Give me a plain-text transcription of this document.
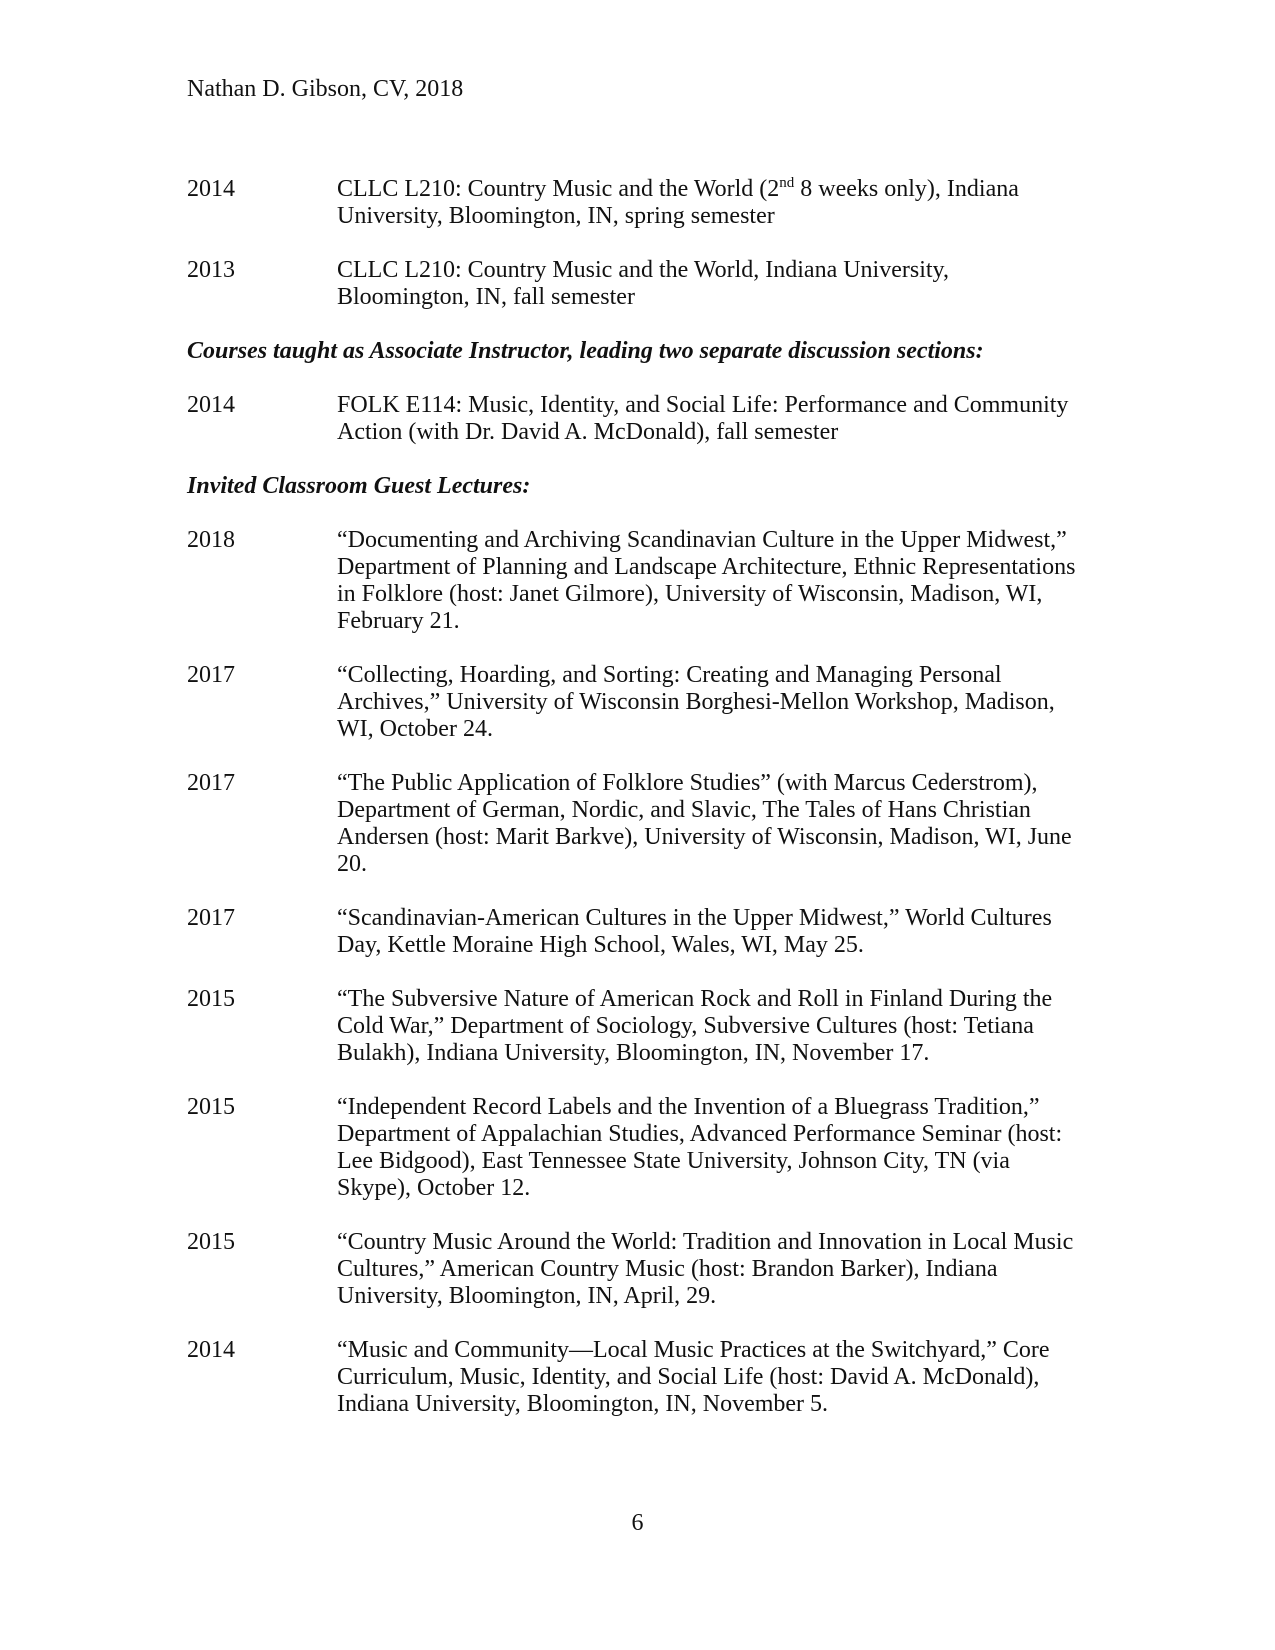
Nathan D. Gibson, CV, 2018
2014	CLLC L210: Country Music and the World (2nd 8 weeks only), Indiana University, Bloomington, IN, spring semester
2013	CLLC L210: Country Music and the World, Indiana University, Bloomington, IN, fall semester
Courses taught as Associate Instructor, leading two separate discussion sections:
2014	FOLK E114: Music, Identity, and Social Life: Performance and Community Action (with Dr. David A. McDonald), fall semester
Invited Classroom Guest Lectures:
2018	“Documenting and Archiving Scandinavian Culture in the Upper Midwest,” Department of Planning and Landscape Architecture, Ethnic Representations in Folklore (host: Janet Gilmore), University of Wisconsin, Madison, WI, February 21.
2017	“Collecting, Hoarding, and Sorting: Creating and Managing Personal Archives,” University of Wisconsin Borghesi-Mellon Workshop, Madison, WI, October 24.
2017	“The Public Application of Folklore Studies” (with Marcus Cederstrom), Department of German, Nordic, and Slavic, The Tales of Hans Christian Andersen (host: Marit Barkve), University of Wisconsin, Madison, WI, June 20.
2017	“Scandinavian-American Cultures in the Upper Midwest,” World Cultures Day, Kettle Moraine High School, Wales, WI, May 25.
2015	“The Subversive Nature of American Rock and Roll in Finland During the Cold War,” Department of Sociology, Subversive Cultures (host: Tetiana Bulakh), Indiana University, Bloomington, IN, November 17.
2015	“Independent Record Labels and the Invention of a Bluegrass Tradition,” Department of Appalachian Studies, Advanced Performance Seminar (host: Lee Bidgood), East Tennessee State University, Johnson City, TN (via Skype), October 12.
2015	“Country Music Around the World: Tradition and Innovation in Local Music Cultures,” American Country Music (host: Brandon Barker), Indiana University, Bloomington, IN, April, 29.
2014	“Music and Community—Local Music Practices at the Switchyard,” Core Curriculum, Music, Identity, and Social Life (host: David A. McDonald), Indiana University, Bloomington, IN, November 5.
6
